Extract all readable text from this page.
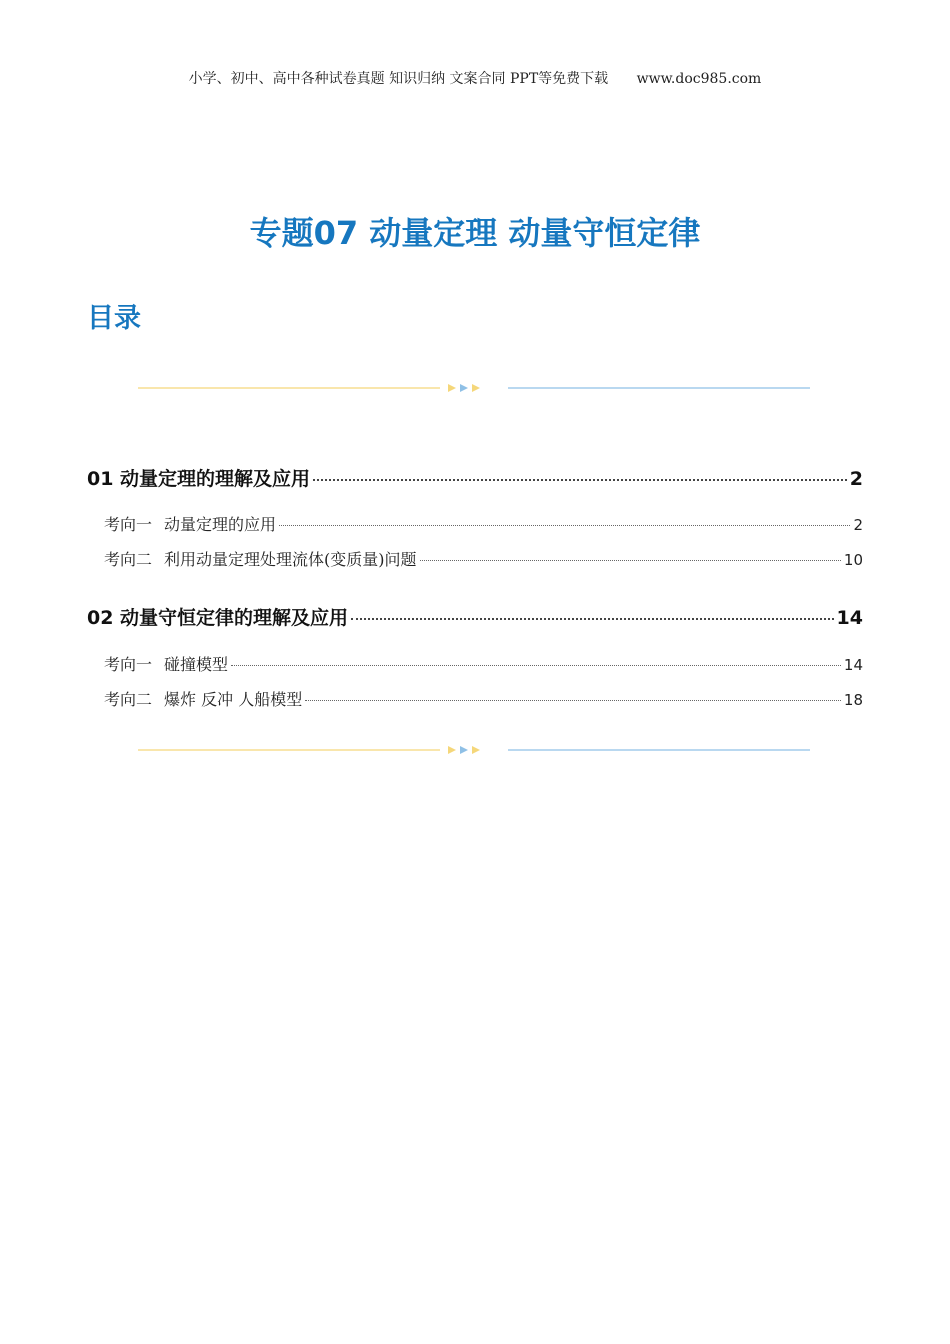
小学、初中、高中各种试卷真题 知识归纳 文案合同 PPT等免费下载 www.doc985.com
专题07 动量定理 动量守恒定律
目录
01 动量定理的理解及应用	2
考向一 动量定理的应用	2
考向二 利用动量定理处理流体(变质量)问题	10
02 动量守恒定律的理解及应用	14
考向一 碰撞模型	14
考向二 爆炸 反冲 人船模型	18
